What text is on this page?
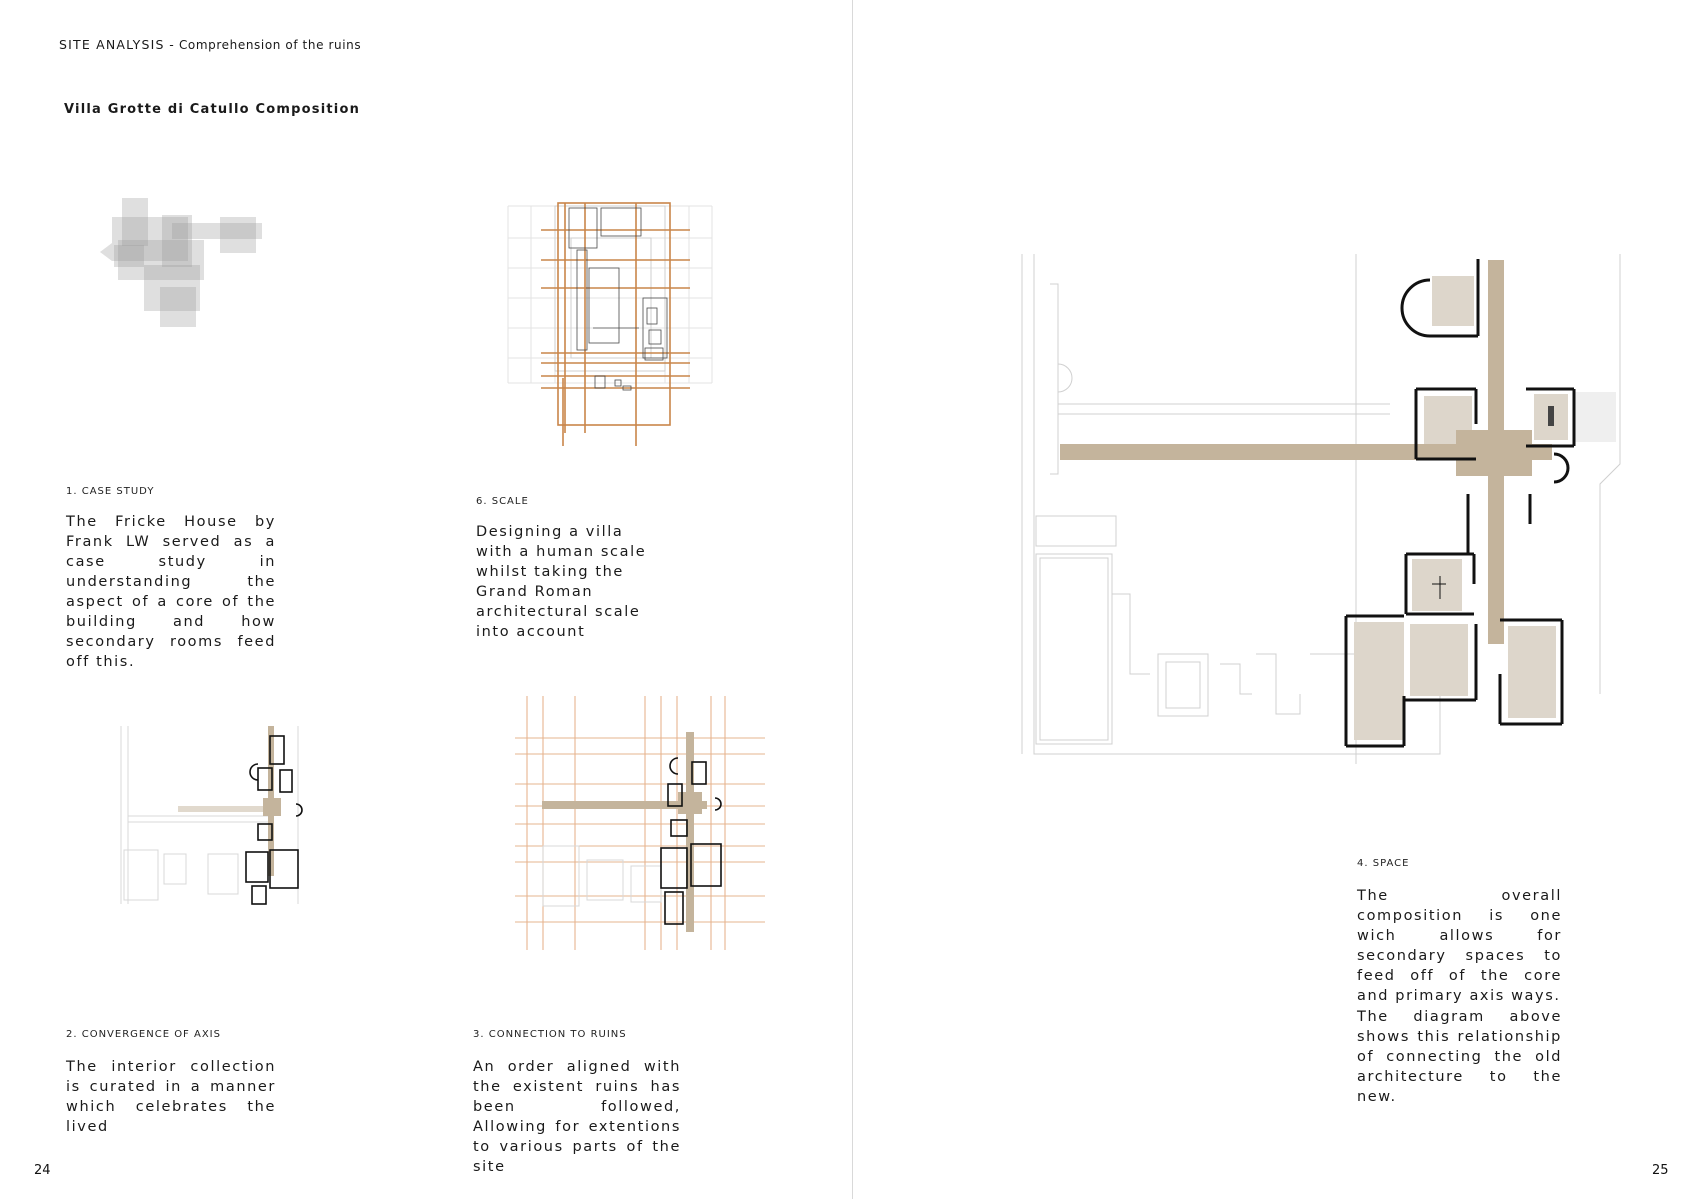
SITE ANALYSIS - Comprehension of the ruins
Villa Grotte di Catullo Composition
1. CASE STUDY
The Fricke House by Frank LW served as a case study in understanding the aspect of a core of the building and how secondary rooms feed off this.
6. SCALE
Designing a villa with a human scale whilst taking the Grand Roman architectural scale into account
2. CONVERGENCE OF AXIS
The interior collection is curated in a manner which celebrates the lived
3. CONNECTION TO RUINS
An order aligned with the existent ruins has been followed, Allowing for extentions to various parts of the site
4. SPACE
The overall composition is one wich allows for secondary spaces to feed off of the core and primary axis ways.
The diagram above shows this relationship of connecting the old architecture to the new.
24	25
